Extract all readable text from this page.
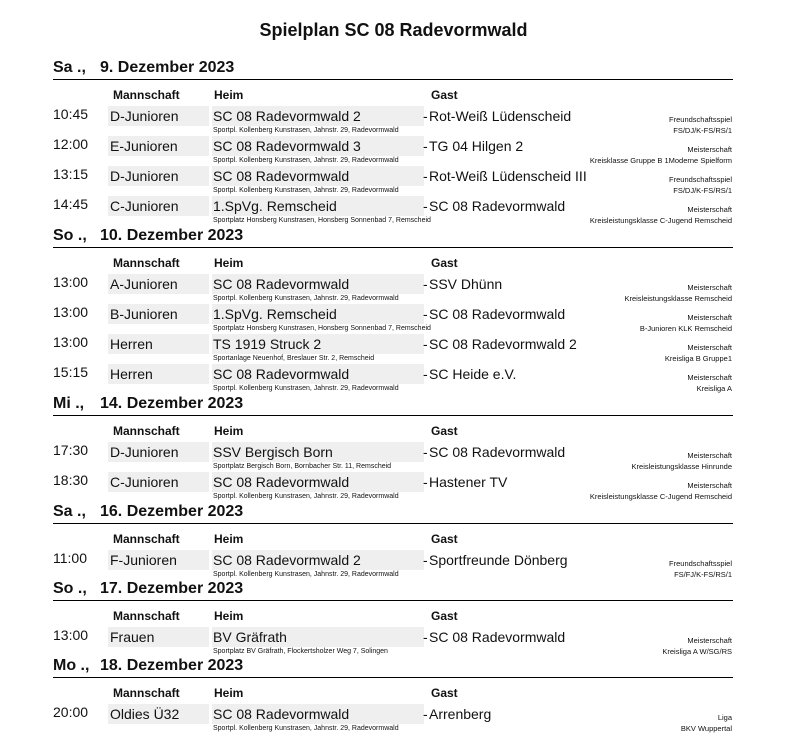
Spielplan SC 08 Radevormwald
Sa ., 9. Dezember 2023
Mannschaft	Heim	Gast
10:45 D-Junioren	SC 08 Radevormwald 2	- Rot-Weiß Lüdenscheid
Sportpl. Kollenberg Kunstrasen, Jahnstr. 29, Radevormwald
Freundschaftsspiel
FS/DJ/K-FS/RS/1
12:00 E-Junioren	SC 08 Radevormwald 3	- TG 04 Hilgen 2
Sportpl. Kollenberg Kunstrasen, Jahnstr. 29, Radevormwald
Meisterschaft
Kreisklasse Gruppe B 1Moderne Spielform
13:15 D-Junioren	SC 08 Radevormwald	- Rot-Weiß Lüdenscheid III
Sportpl. Kollenberg Kunstrasen, Jahnstr. 29, Radevormwald
Freundschaftsspiel
FS/DJ/K-FS/RS/1
14:45 C-Junioren	1.SpVg. Remscheid	- SC 08 Radevormwald
Sportplatz Honsberg Kunstrasen, Honsberg Sonnenbad 7, Remscheid
Meisterschaft
Kreisleistungsklasse C-Jugend Remscheid
So ., 10. Dezember 2023
Mannschaft	Heim	Gast
13:00 A-Junioren	SC 08 Radevormwald	- SSV Dhünn
Sportpl. Kollenberg Kunstrasen, Jahnstr. 29, Radevormwald
Meisterschaft
Kreisleistungsklasse Remscheid
13:00 B-Junioren	1.SpVg. Remscheid	- SC 08 Radevormwald
Sportplatz Honsberg Kunstrasen, Honsberg Sonnenbad 7, Remscheid
Meisterschaft
B-Junioren KLK Remscheid
13:00 Herren	TS 1919 Struck 2	- SC 08 Radevormwald 2
Sportanlage Neuenhof, Breslauer Str. 2, Remscheid
Meisterschaft
Kreisliga B Gruppe1
15:15 Herren	SC 08 Radevormwald	- SC Heide e.V.
Sportpl. Kollenberg Kunstrasen, Jahnstr. 29, Radevormwald
Meisterschaft
Kreisliga A
Mi ., 14. Dezember 2023
Mannschaft	Heim	Gast
17:30 D-Junioren	SSV Bergisch Born	- SC 08 Radevormwald
Sportplatz Bergisch Born, Bornbacher Str. 11, Remscheid
Meisterschaft
Kreisleistungsklasse Hinrunde
18:30 C-Junioren	SC 08 Radevormwald	- Hastener TV
Sportpl. Kollenberg Kunstrasen, Jahnstr. 29, Radevormwald
Meisterschaft
Kreisleistungsklasse C-Jugend Remscheid
Sa ., 16. Dezember 2023
Mannschaft	Heim	Gast
11:00 F-Junioren	SC 08 Radevormwald 2	- Sportfreunde Dönberg
Sportpl. Kollenberg Kunstrasen, Jahnstr. 29, Radevormwald
Freundschaftsspiel
FS/FJ/K-FS/RS/1
So ., 17. Dezember 2023
Mannschaft	Heim	Gast
13:00 Frauen	BV Gräfrath	- SC 08 Radevormwald
Sportplatz BV Gräfrath, Flockertsholzer Weg 7, Solingen
Meisterschaft
Kreisliga A W/SG/RS
Mo ., 18. Dezember 2023
Mannschaft	Heim	Gast
20:00 Oldies Ü32	SC 08 Radevormwald	- Arrenberg
Sportpl. Kollenberg Kunstrasen, Jahnstr. 29, Radevormwald
Liga
BKV Wuppertal
